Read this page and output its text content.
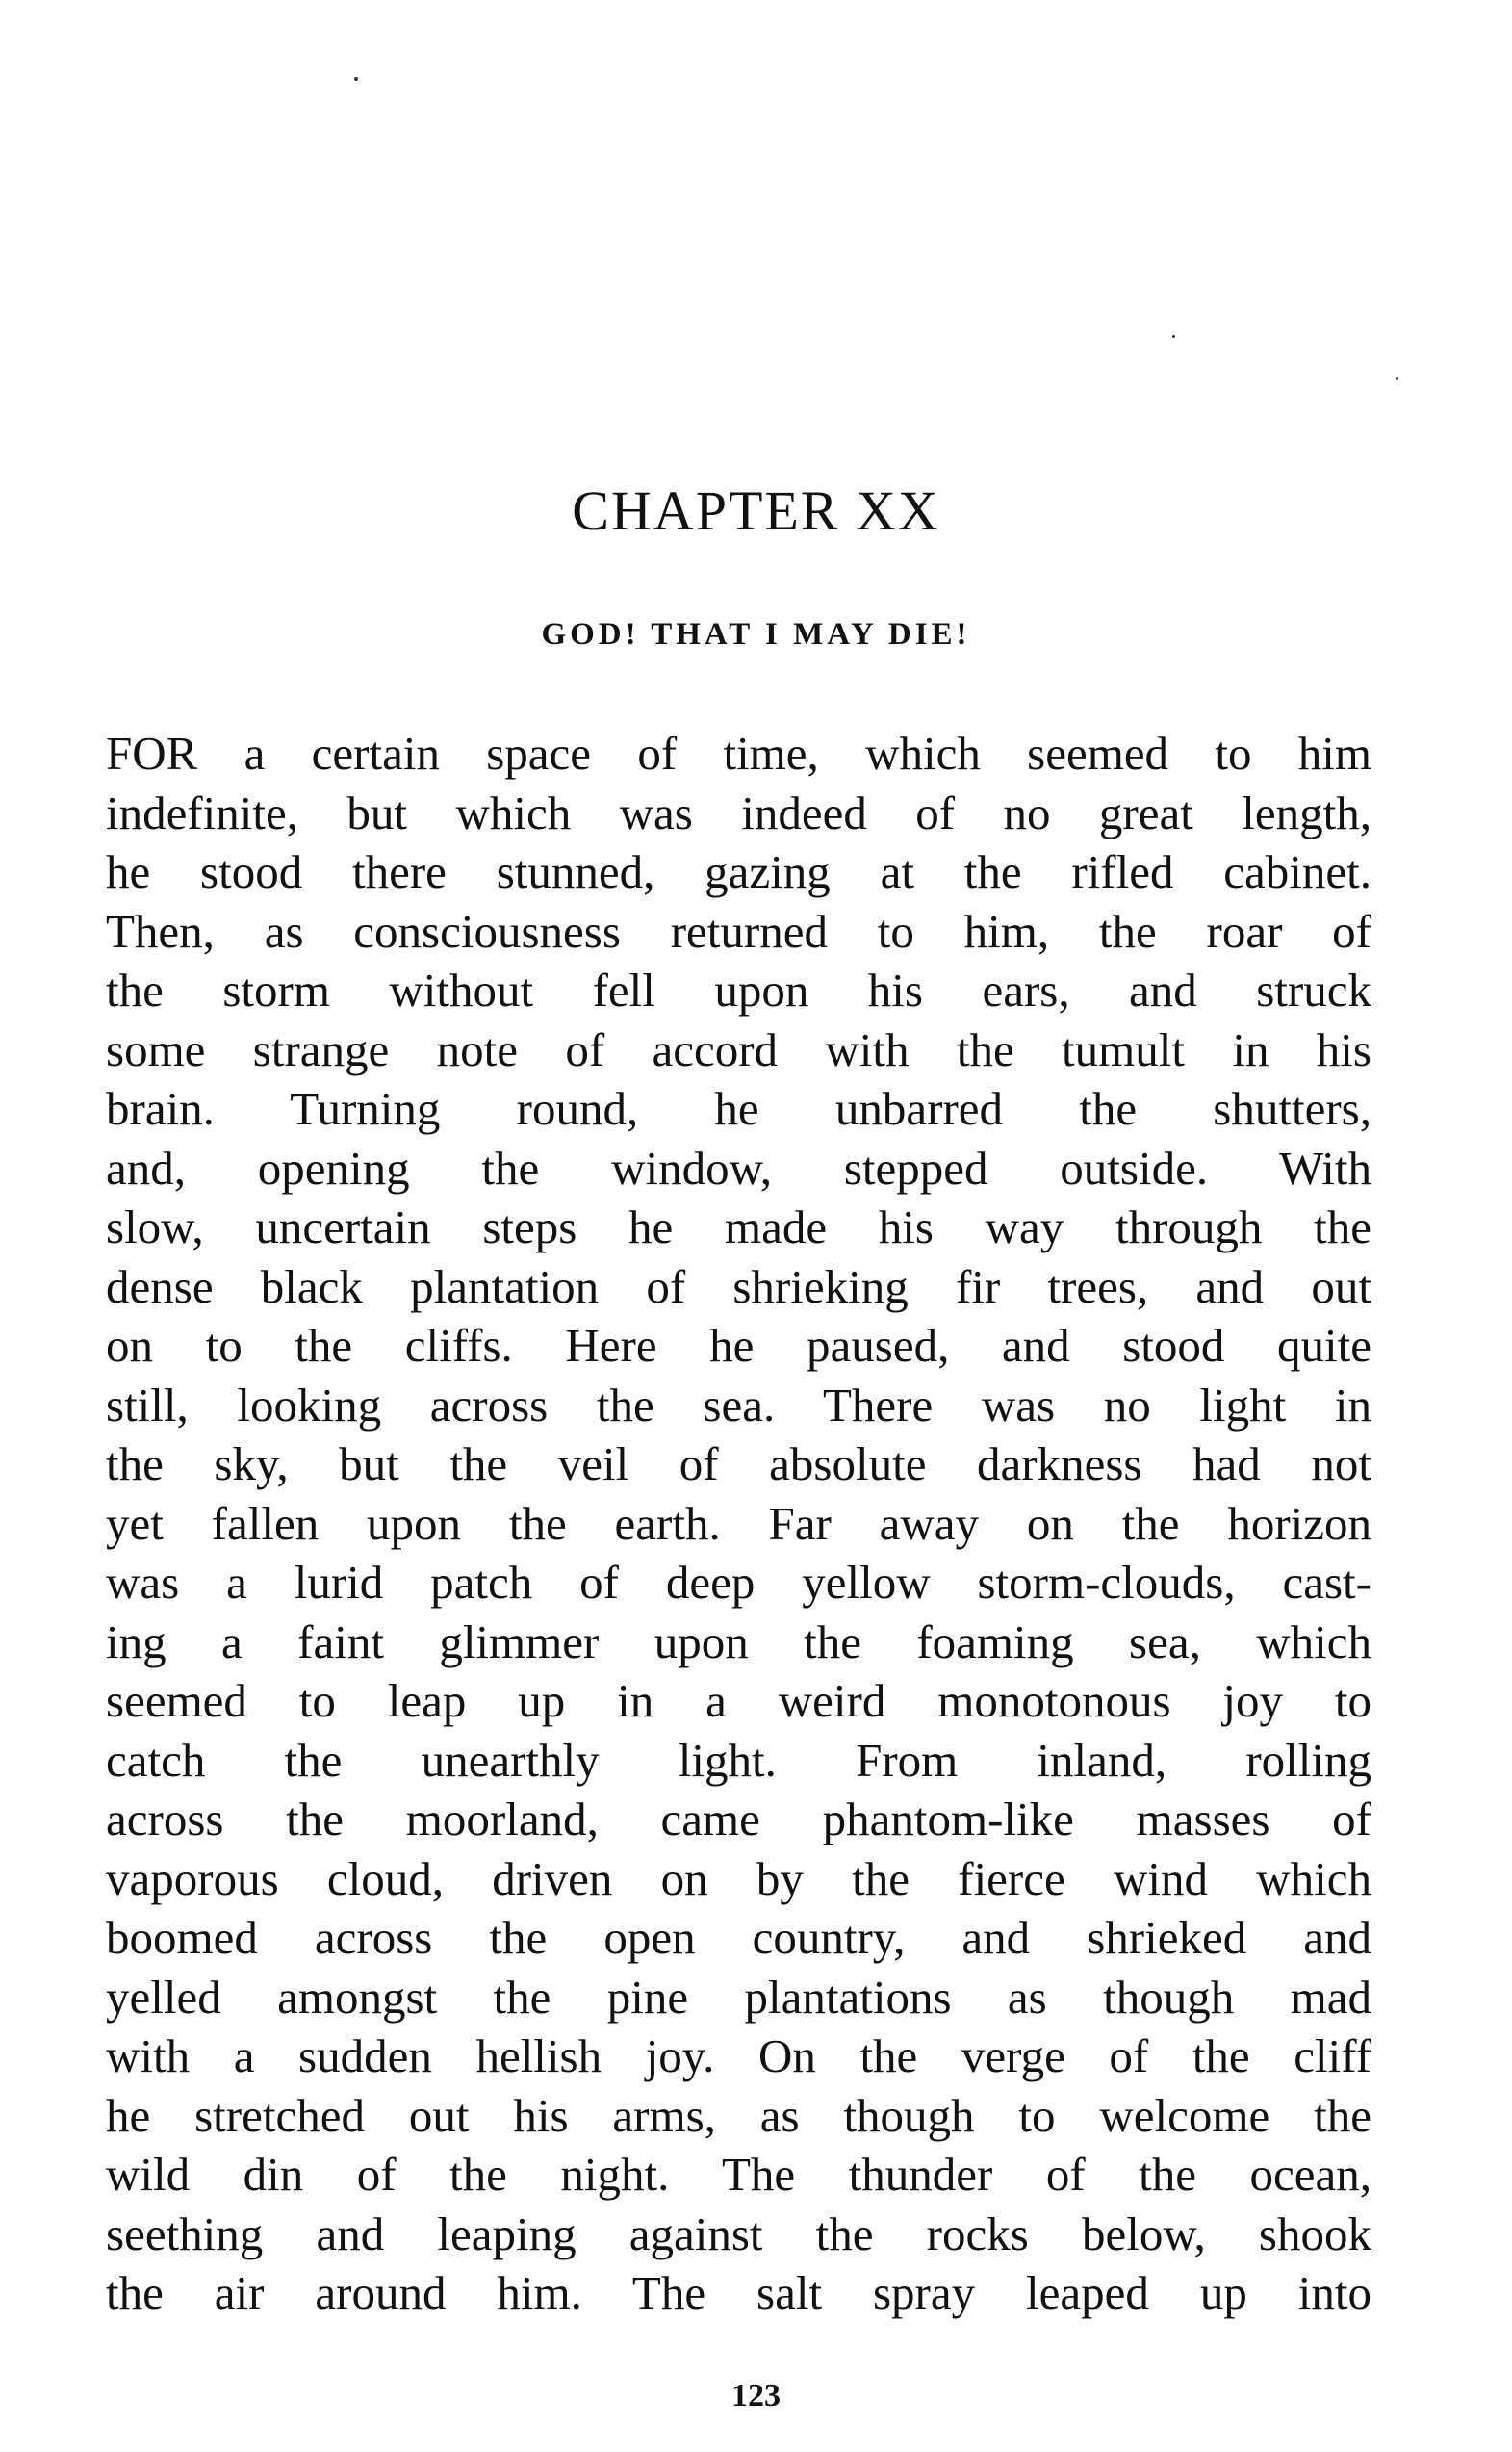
CHAPTER XX
GOD! THAT I MAY DIE!
FOR a certain space of time, which seemed to him
indefinite, but which was indeed of no great length,
he stood there stunned, gazing at the rifled cabinet.
Then, as consciousness returned to him, the roar of
the storm without fell upon his ears, and struck
some strange note of accord with the tumult in his
brain. Turning round, he unbarred the shutters,
and, opening the window, stepped outside. With
slow, uncertain steps he made his way through the
dense black plantation of shrieking fir trees, and out
on to the cliffs. Here he paused, and stood quite
still, looking across the sea. There was no light in
the sky, but the veil of absolute darkness had not
yet fallen upon the earth. Far away on the horizon
was a lurid patch of deep yellow storm-clouds, cast-
ing a faint glimmer upon the foaming sea, which
seemed to leap up in a weird monotonous joy to
catch the unearthly light. From inland, rolling
across the moorland, came phantom-like masses of
vaporous cloud, driven on by the fierce wind which
boomed across the open country, and shrieked and
yelled amongst the pine plantations as though mad
with a sudden hellish joy. On the verge of the cliff
he stretched out his arms, as though to welcome the
wild din of the night. The thunder of the ocean,
seething and leaping against the rocks below, shook
the air around him. The salt spray leaped up into
123
